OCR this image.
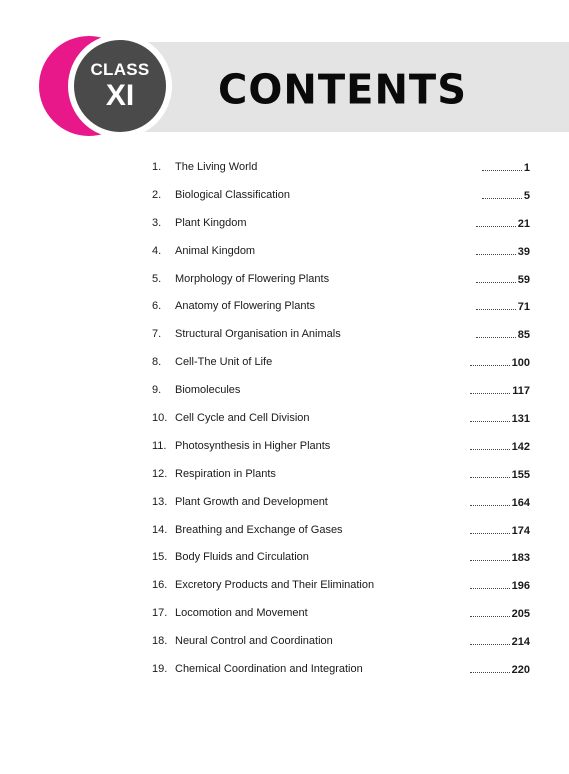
CLASS
XI CONTENTS
1. The Living World	1
2. Biological Classification	5
3. Plant Kingdom	21
4. Animal Kingdom	39
5. Morphology of Flowering Plants	59
6. Anatomy of Flowering Plants	71
7. Structural Organisation in Animals	85
8. Cell-The Unit of Life	100
9. Biomolecules	117
10. Cell Cycle and Cell Division	131
11. Photosynthesis in Higher Plants	142
12. Respiration in Plants	155
13. Plant Growth and Development	164
14. Breathing and Exchange of Gases	174
15. Body Fluids and Circulation	183
16. Excretory Products and Their Elimination	196
17. Locomotion and Movement	205
18. Neural Control and Coordination	214
19. Chemical Coordination and Integration	220
